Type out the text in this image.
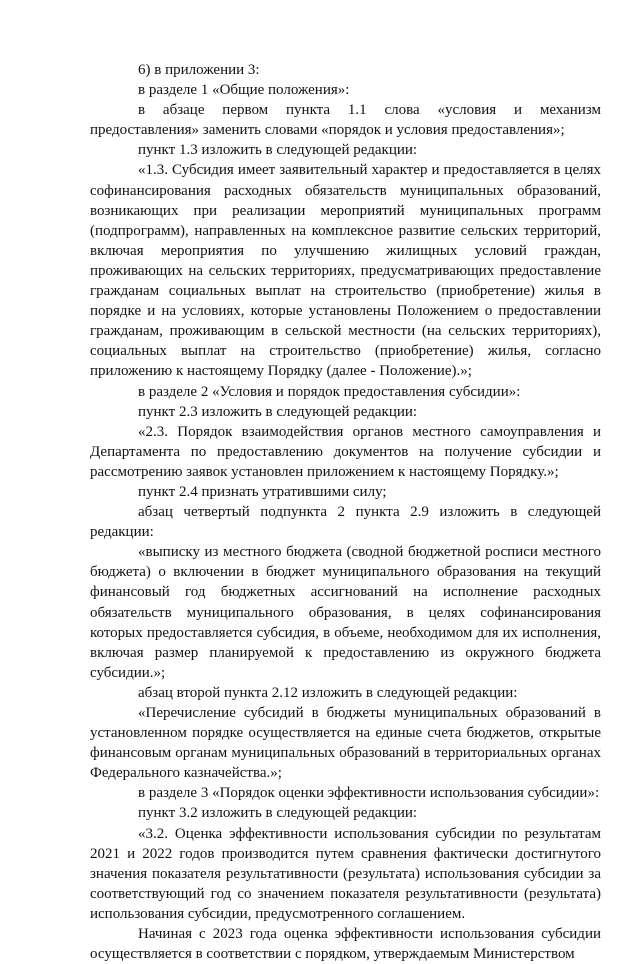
6) в приложении 3:

в разделе 1 «Общие положения»:

в абзаце первом пункта 1.1 слова «условия и механизм предоставления» заменить словами «порядок и условия предоставления»;

пункт 1.3 изложить в следующей редакции:

«1.3. Субсидия имеет заявительный характер и предоставляется в целях софинансирования расходных обязательств муниципальных образований, возникающих при реализации мероприятий муниципальных программ (подпрограмм), направленных на комплексное развитие сельских территорий, включая мероприятия по улучшению жилищных условий граждан, проживающих на сельских территориях, предусматривающих предоставление гражданам социальных выплат на строительство (приобретение) жилья в порядке и на условиях, которые установлены Положением о предоставлении гражданам, проживающим в сельской местности (на сельских территориях), социальных выплат на строительство (приобретение) жилья, согласно приложению к настоящему Порядку (далее - Положение).»;

в разделе 2 «Условия и порядок предоставления субсидии»:

пункт 2.3 изложить в следующей редакции:

«2.3. Порядок взаимодействия органов местного самоуправления и Департамента по предоставлению документов на получение субсидии и рассмотрению заявок установлен приложением к настоящему Порядку.»;

пункт 2.4 признать утратившими силу;

абзац четвертый подпункта 2 пункта 2.9 изложить в следующей редакции:

«выписку из местного бюджета (сводной бюджетной росписи местного бюджета) о включении в бюджет муниципального образования на текущий финансовый год бюджетных ассигнований на исполнение расходных обязательств муниципального образования, в целях софинансирования которых предоставляется субсидия, в объеме, необходимом для их исполнения, включая размер планируемой к предоставлению из окружного бюджета субсидии.»;

абзац второй пункта 2.12 изложить в следующей редакции:

«Перечисление субсидий в бюджеты муниципальных образований в установленном порядке осуществляется на единые счета бюджетов, открытые финансовым органам муниципальных образований в территориальных органах Федерального казначейства.»;

в разделе 3 «Порядок оценки эффективности использования субсидии»:

пункт 3.2 изложить в следующей редакции:

«3.2. Оценка эффективности использования субсидии по результатам 2021 и 2022 годов производится путем сравнения фактически достигнутого значения показателя результативности (результата) использования субсидии за соответствующий год со значением показателя результативности (результата) использования субсидии, предусмотренного соглашением.

Начиная с 2023 года оценка эффективности использования субсидии осуществляется в соответствии с порядком, утверждаемым Министерством
